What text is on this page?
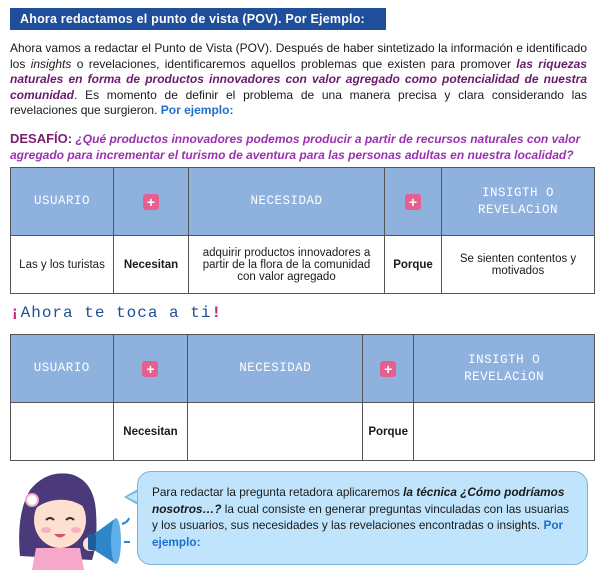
Ahora redactamos el punto de vista (POV). Por Ejemplo:
Ahora vamos a redactar el Punto de Vista (POV). Después de haber sintetizado la información e identificado los insights o revelaciones, identificaremos aquellos problemas que existen para promover las riquezas naturales en forma de productos innovadores con valor agregado como potencialidad de nuestra comunidad. Es momento de definir el problema de una manera precisa y clara considerando las revelaciones que surgieron. Por ejemplo:
DESAFÍO: ¿Qué productos innovadores podemos producir a partir de recursos naturales con valor agregado para incrementar el turismo de aventura para las personas adultas en nuestra localidad?
USUARIO	+	NECESIDAD	+	INSIGTH O
REVELACiON
Las y los turistas	Necesitan	adquirir productos innovadores a partir de la flora de la comunidad con valor agregado	Porque	Se sienten contentos y motivados
¡Ahora te toca a ti!
USUARIO	+	NECESIDAD	+	INSIGTH O
REVELACiON
	Necesitan		Porque	
Para redactar la pregunta retadora aplicaremos la técnica ¿Cómo podríamos nosotros…? la cual consiste en generar preguntas vinculadas con las usuarias y los usuarios, sus necesidades y las revelaciones encontradas o insights. Por ejemplo:
